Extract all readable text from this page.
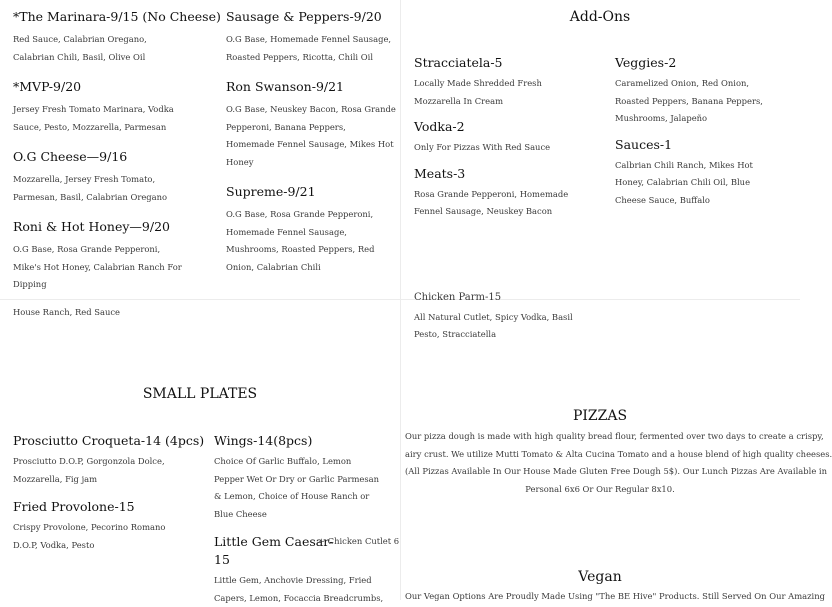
*The Marinara-9/15 (No Cheese)
Red Sauce, Calabrian Oregano,
Calabrian Chili, Basil, Olive Oil
*MVP-9/20
Jersey Fresh Tomato Marinara, Vodka
Sauce, Pesto, Mozzarella, Parmesan
O.G Cheese—9/16
Mozzarella, Jersey Fresh Tomato,
Parmesan, Basil, Calabrian Oregano
Roni & Hot Honey—9/20
O.G Base, Rosa Grande Pepperoni,
Mike's Hot Honey, Calabrian Ranch For
Dipping
House Ranch, Red Sauce
Sausage & Peppers-9/20
O.G Base, Homemade Fennel Sausage,
Roasted Peppers, Ricotta, Chili Oil
Ron Swanson-9/21
O.G Base, Neuskey Bacon, Rosa Grande
Pepperoni, Banana Peppers,
Homemade Fennel Sausage, Mikes Hot
Honey
Supreme-9/21
O.G Base, Rosa Grande Pepperoni,
Homemade Fennel Sausage,
Mushrooms, Roasted Peppers, Red
Onion, Calabrian Chili
Add-Ons
Stracciatela-5
Locally Made Shredded Fresh
Mozzarella In Cream
Vodka-2
Only For Pizzas With Red Sauce
Meats-3
Rosa Grande Pepperoni, Homemade
Fennel Sausage, Neuskey Bacon
Veggies-2
Caramelized Onion, Red Onion,
Roasted Peppers, Banana Peppers,
Mushrooms, Jalapeño
Sauces-1
Calbrian Chili Ranch, Mikes Hot
Honey, Calabrian Chili Oil, Blue
Cheese Sauce, Buffalo
Chicken Parm-15
All Natural Cutlet, Spicy Vodka, Basil
Pesto, Stracciatella
SMALL PLATES
Prosciutto Croqueta-14 (4pcs)
Prosciutto D.O.P, Gorgonzola Dolce,
Mozzarella, Fig jam
Fried Provolone-15
Crispy Provolone, Pecorino Romano
D.O.P, Vodka, Pesto
Wings-14(8pcs)
Choice Of Garlic Buffalo, Lemon
Pepper Wet Or Dry or Garlic Parmesan
& Lemon, Choice of House Ranch or
Blue Cheese
Little Gem Caesar-
15
+ Chicken Cutlet 6
Little Gem, Anchovie Dressing, Fried
Capers, Lemon, Focaccia Breadcrumbs,
PIZZAS
Our pizza dough is made with high quality bread flour, fermented over two days to create a crispy,
airy crust. We utilize Mutti Tomato & Alta Cucina Tomato and a house blend of high quality cheeses.
(All Pizzas Available In Our House Made Gluten Free Dough 5$). Our Lunch Pizzas Are Available in
Personal 6x6 Or Our Regular 8x10.
Vegan
Our Vegan Options Are Proudly Made Using "The BE Hive" Products. Still Served On Our Amazing
